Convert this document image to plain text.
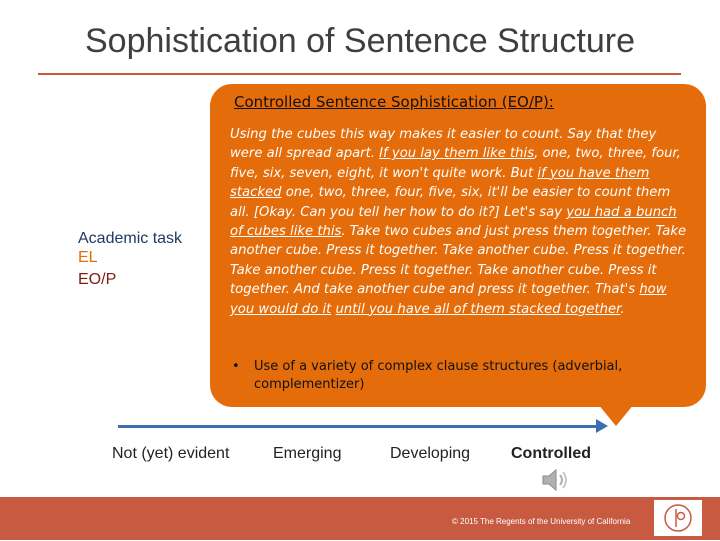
Sophistication of Sentence Structure
Controlled Sentence Sophistication (EO/P):
Using the cubes this way makes it easier to count. Say that they were all spread apart. If you lay them like this, one, two, three, four, five, six, seven, eight, it won't quite work. But if you have them stacked one, two, three, four, five, six, it'll be easier to count them all. [Okay. Can you tell her how to do it?] Let's say you had a bunch of cubes like this. Take two cubes and just press them together. Take another cube. Press it together. Take another cube. Press it together. Take another cube. Press it together. Take another cube. Press it together. And take another cube and press it together. That's how you would do it until you have all of them stacked together.
•	Use of a variety of complex clause structures (adverbial, complementizer)
Academic task
EL
EO/P
Not (yet) evident	Emerging	Developing	Controlled
© 2015 The Regents of the University of California
